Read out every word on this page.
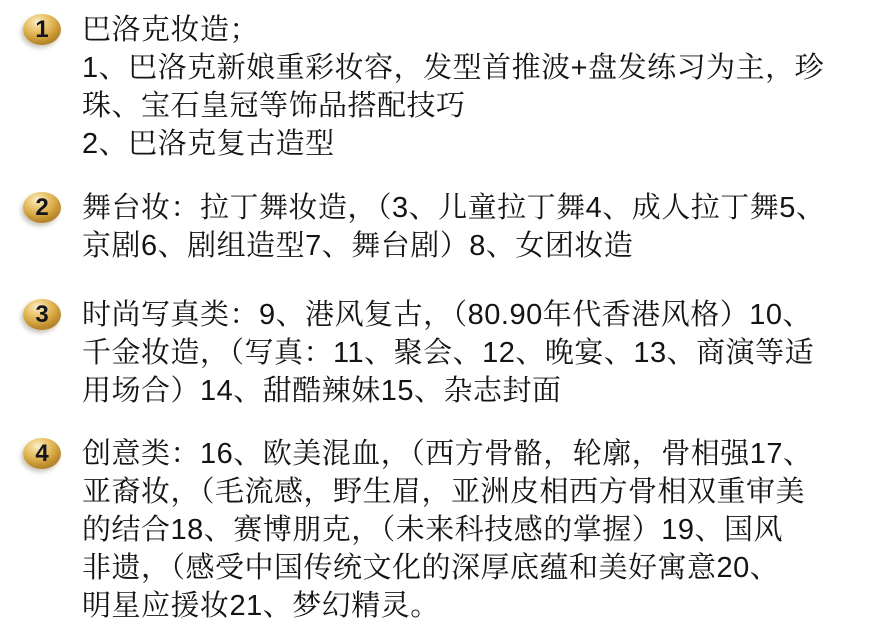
1 巴洛克妆造；
1、巴洛克新娘重彩妆容，发型首推波+盘发练习为主，珍
珠、宝石皇冠等饰品搭配技巧
2、巴洛克复古造型
2 舞台妆：拉丁舞妆造，（3、儿童拉丁舞4、成人拉丁舞5、
京剧6、剧组造型7、舞台剧）8、女团妆造
3 时尚写真类：9、港风复古，（80.90年代香港风格）10、
千金妆造，（写真：11、聚会、12、晚宴、13、商演等适
用场合）14、甜酷辣妹15、杂志封面
4 创意类：16、欧美混血，（西方骨骼，轮廓，骨相强17、
亚裔妆，（毛流感，野生眉，亚洲皮相西方骨相双重审美
的结合18、赛博朋克，（未来科技感的掌握）19、国风
非遗，（感受中国传统文化的深厚底蕴和美好寓意20、
明星应援妆21、梦幻精灵。
